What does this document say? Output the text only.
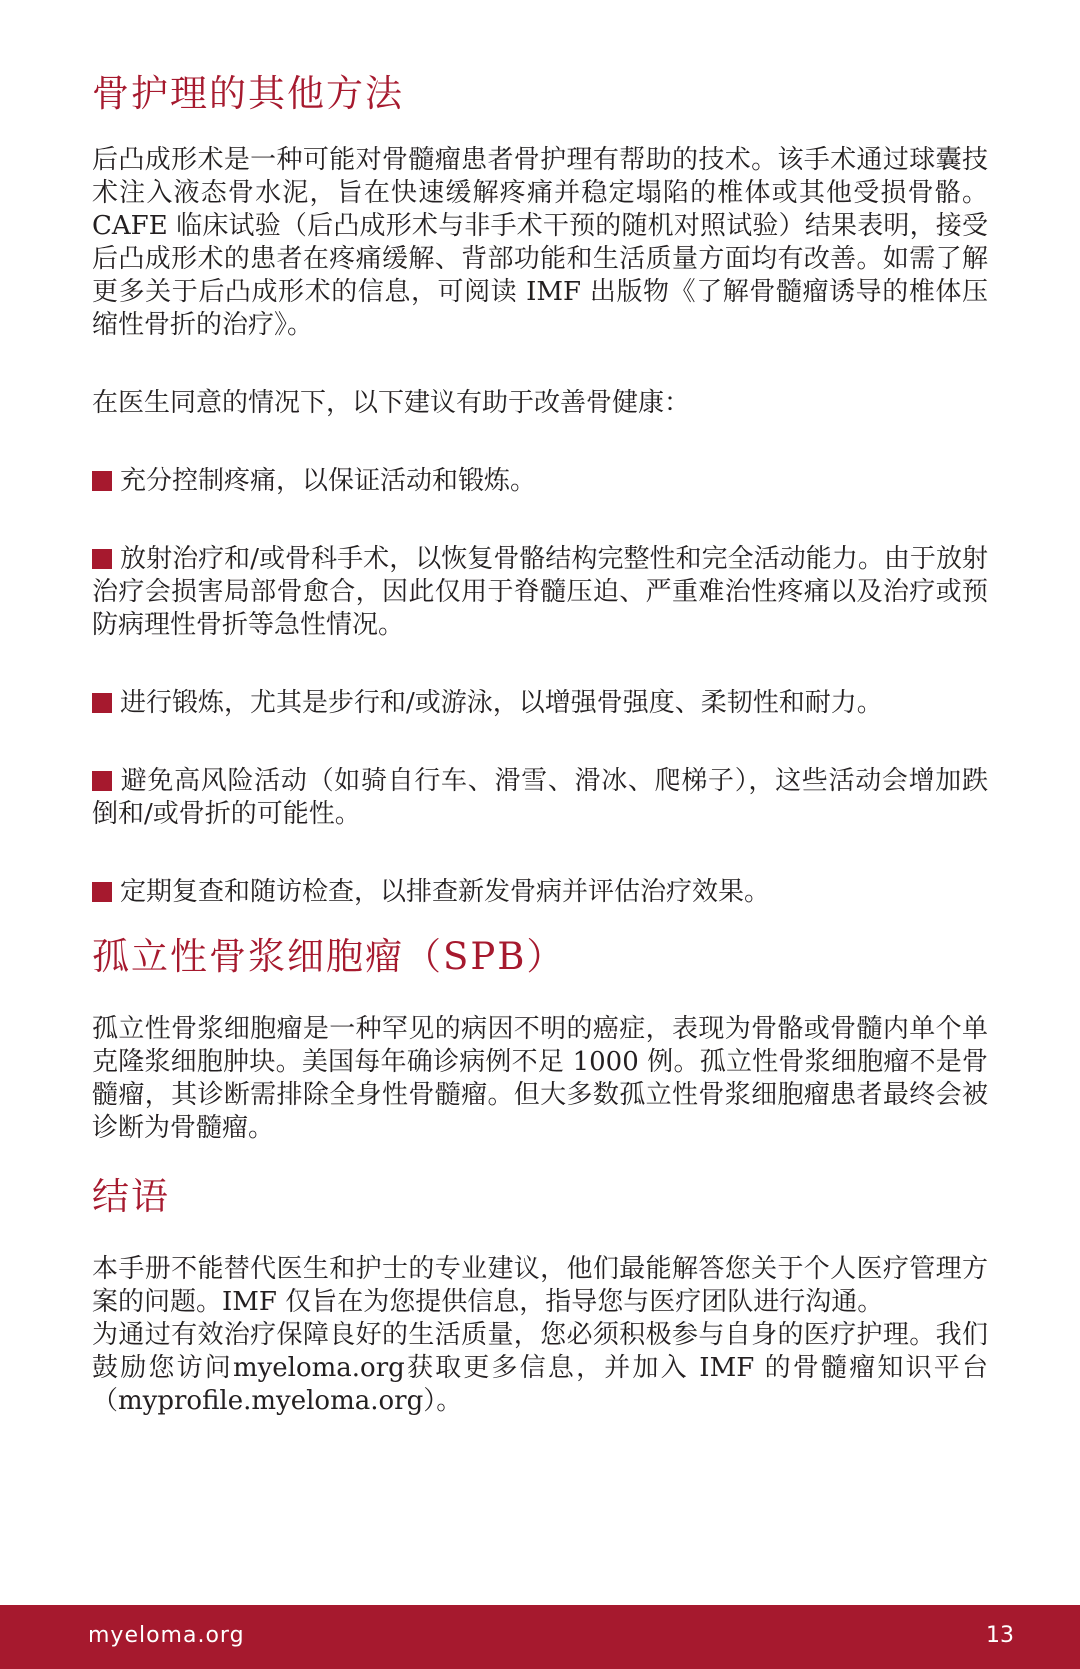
骨护理的其他方法

后凸成形术是一种可能对骨髓瘤患者骨护理有帮助的技术。该手术通过球囊技术注入液态骨水泥，旨在快速缓解疼痛并稳定塌陷的椎体或其他受损骨骼。CAFE 临床试验（后凸成形术与非手术干预的随机对照试验）结果表明，接受后凸成形术的患者在疼痛缓解、背部功能和生活质量方面均有改善。如需了解更多关于后凸成形术的信息，可阅读 IMF 出版物《了解骨髓瘤诱导的椎体压缩性骨折的治疗》。

在医生同意的情况下，以下建议有助于改善骨健康：

充分控制疼痛，以保证活动和锻炼。

放射治疗和/或骨科手术，以恢复骨骼结构完整性和完全活动能力。由于放射治疗会损害局部骨愈合，因此仅用于脊髓压迫、严重难治性疼痛以及治疗或预防病理性骨折等急性情况。

进行锻炼，尤其是步行和/或游泳，以增强骨强度、柔韧性和耐力。

避免高风险活动（如骑自行车、滑雪、滑冰、爬梯子），这些活动会增加跌倒和/或骨折的可能性。

定期复查和随访检查，以排查新发骨病并评估治疗效果。

孤立性骨浆细胞瘤（SPB）

孤立性骨浆细胞瘤是一种罕见的病因不明的癌症，表现为骨骼或骨髓内单个单克隆浆细胞肿块。美国每年确诊病例不足 1000 例。孤立性骨浆细胞瘤不是骨髓瘤，其诊断需排除全身性骨髓瘤。但大多数孤立性骨浆细胞瘤患者最终会被诊断为骨髓瘤。

结语

本手册不能替代医生和护士的专业建议，他们最能解答您关于个人医疗管理方案的问题。IMF 仅旨在为您提供信息，指导您与医疗团队进行沟通。

为通过有效治疗保障良好的生活质量，您必须积极参与自身的医疗护理。我们鼓励您访问myeloma.org获取更多信息，并加入 IMF 的骨髓瘤知识平台（myprofile.myeloma.org）。

myeloma.org	13
